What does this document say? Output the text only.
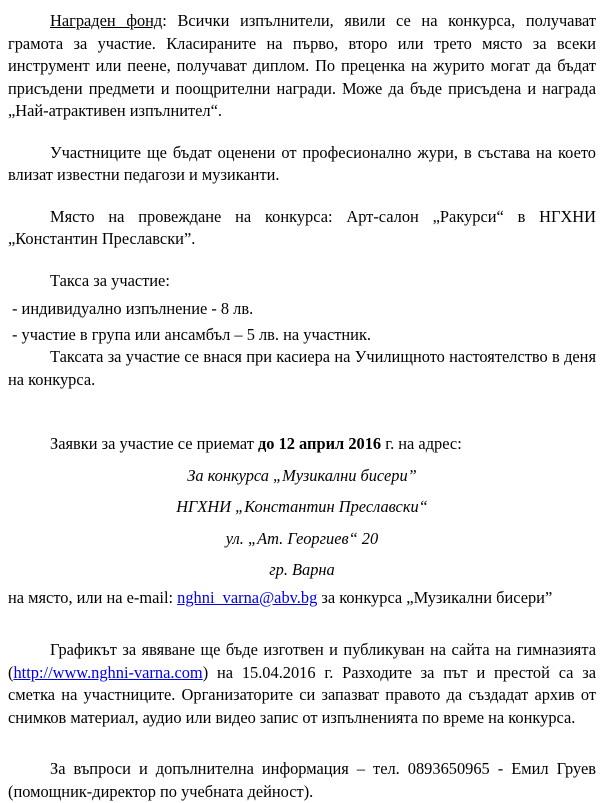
Награден фонд: Всички изпълнители, явили се на конкурса, получават грамота за участие. Класираните на първо, второ или трето място за всеки инструмент или пеене, получават диплом. По преценка на журито могат да бъдат присъдени предмети и поощрителни награди. Може да бъде присъдена и награда „Най-атрактивен изпълнител“.

Участниците ще бъдат оценени от професионално жури, в състава на което влизат известни педагози и музиканти.

Място на провеждане на конкурса: Арт-салон „Ракурси“ в НГХНИ „Константин Преславски”.

Такса за участие:

- индивидуално изпълнение - 8 лв.

- участие в група или ансамбъл – 5 лв. на участник.

Таксата за участие се внася при касиера на Училищното настоятелство в деня на конкурса.

Заявки за участие се приемат до 12 април 2016 г. на адрес:

За конкурса „Музикални бисери”

НГХНИ „Константин Преславски“

ул. „Ат. Георгиев“ 20

гр. Варна

на място, или на e-mail: nghni_varna@abv.bg за конкурса „Музикални бисери”

Графикът за явяване ще бъде изготвен и публикуван на сайта на гимназията (http://www.nghni-varna.com) на 15.04.2016 г. Разходите за път и престой са за сметка на участниците. Организаторите си запазват правото да създадат архив от снимков материал, аудио или видео запис от изпълненията по време на конкурса.

За въпроси и допълнителна информация – тел. 0893650965 - Емил Груев (помощник-директор по учебната дейност).
